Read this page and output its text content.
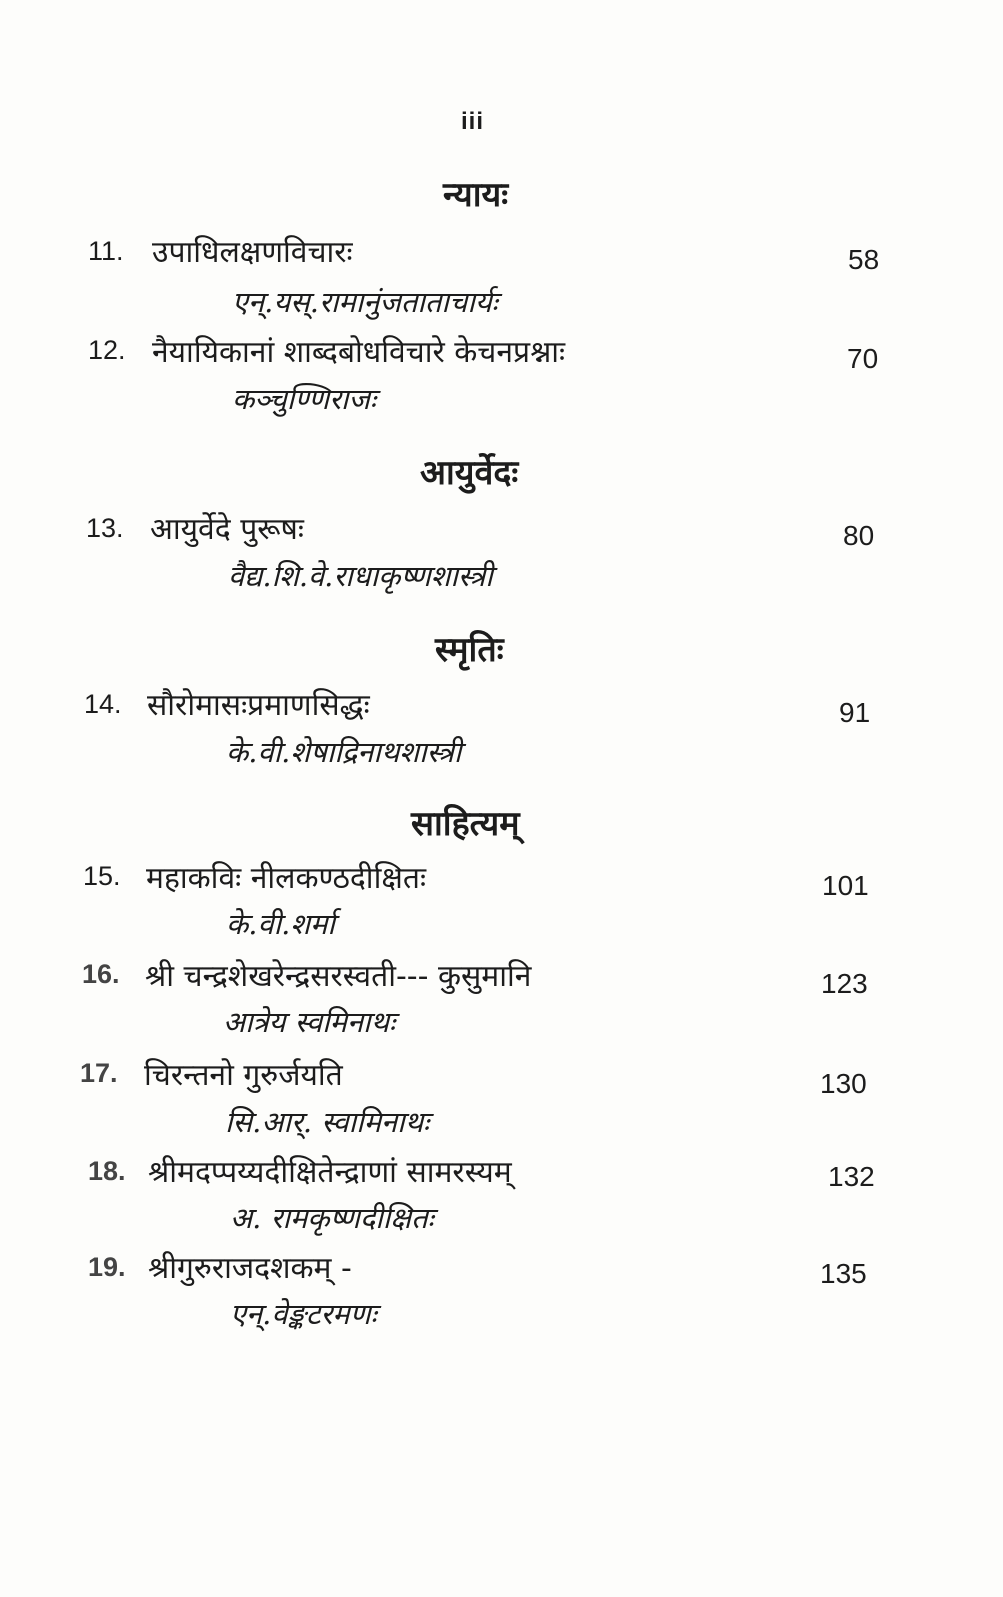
iii
न्यायः
11. उपाधिलक्षणविचारः	58
एन्.यस्.रामानुंजताताचार्यः
12. नैयायिकानां शाब्दबोधविचारे केचनप्रश्नाः	70
कञ्चुण्णिराजः
आयुर्वेदः
13. आयुर्वेदे पुरूषः	80
वैद्य.शि.वे.राधाकृष्णशास्त्री
स्मृतिः
14. सौरोमासःप्रमाणसिद्धः	91
के.वी.शेषाद्रिनाथशास्त्री
साहित्यम्
15. महाकविः नीलकण्ठदीक्षितः	101
के.वी.शर्मा
16. श्री चन्द्रशेखरेन्द्रसरस्वती--- कुसुमानि	123
आत्रेय स्वमिनाथः
17. चिरन्तनो गुरुर्जयति	130
सि.आर्. स्वामिनाथः
18. श्रीमदप्पय्यदीक्षितेन्द्राणां सामरस्यम्	132
अ. रामकृष्णदीक्षितः
19. श्रीगुरुराजदशकम् -	135
एन्.वेङ्कटरमणः
